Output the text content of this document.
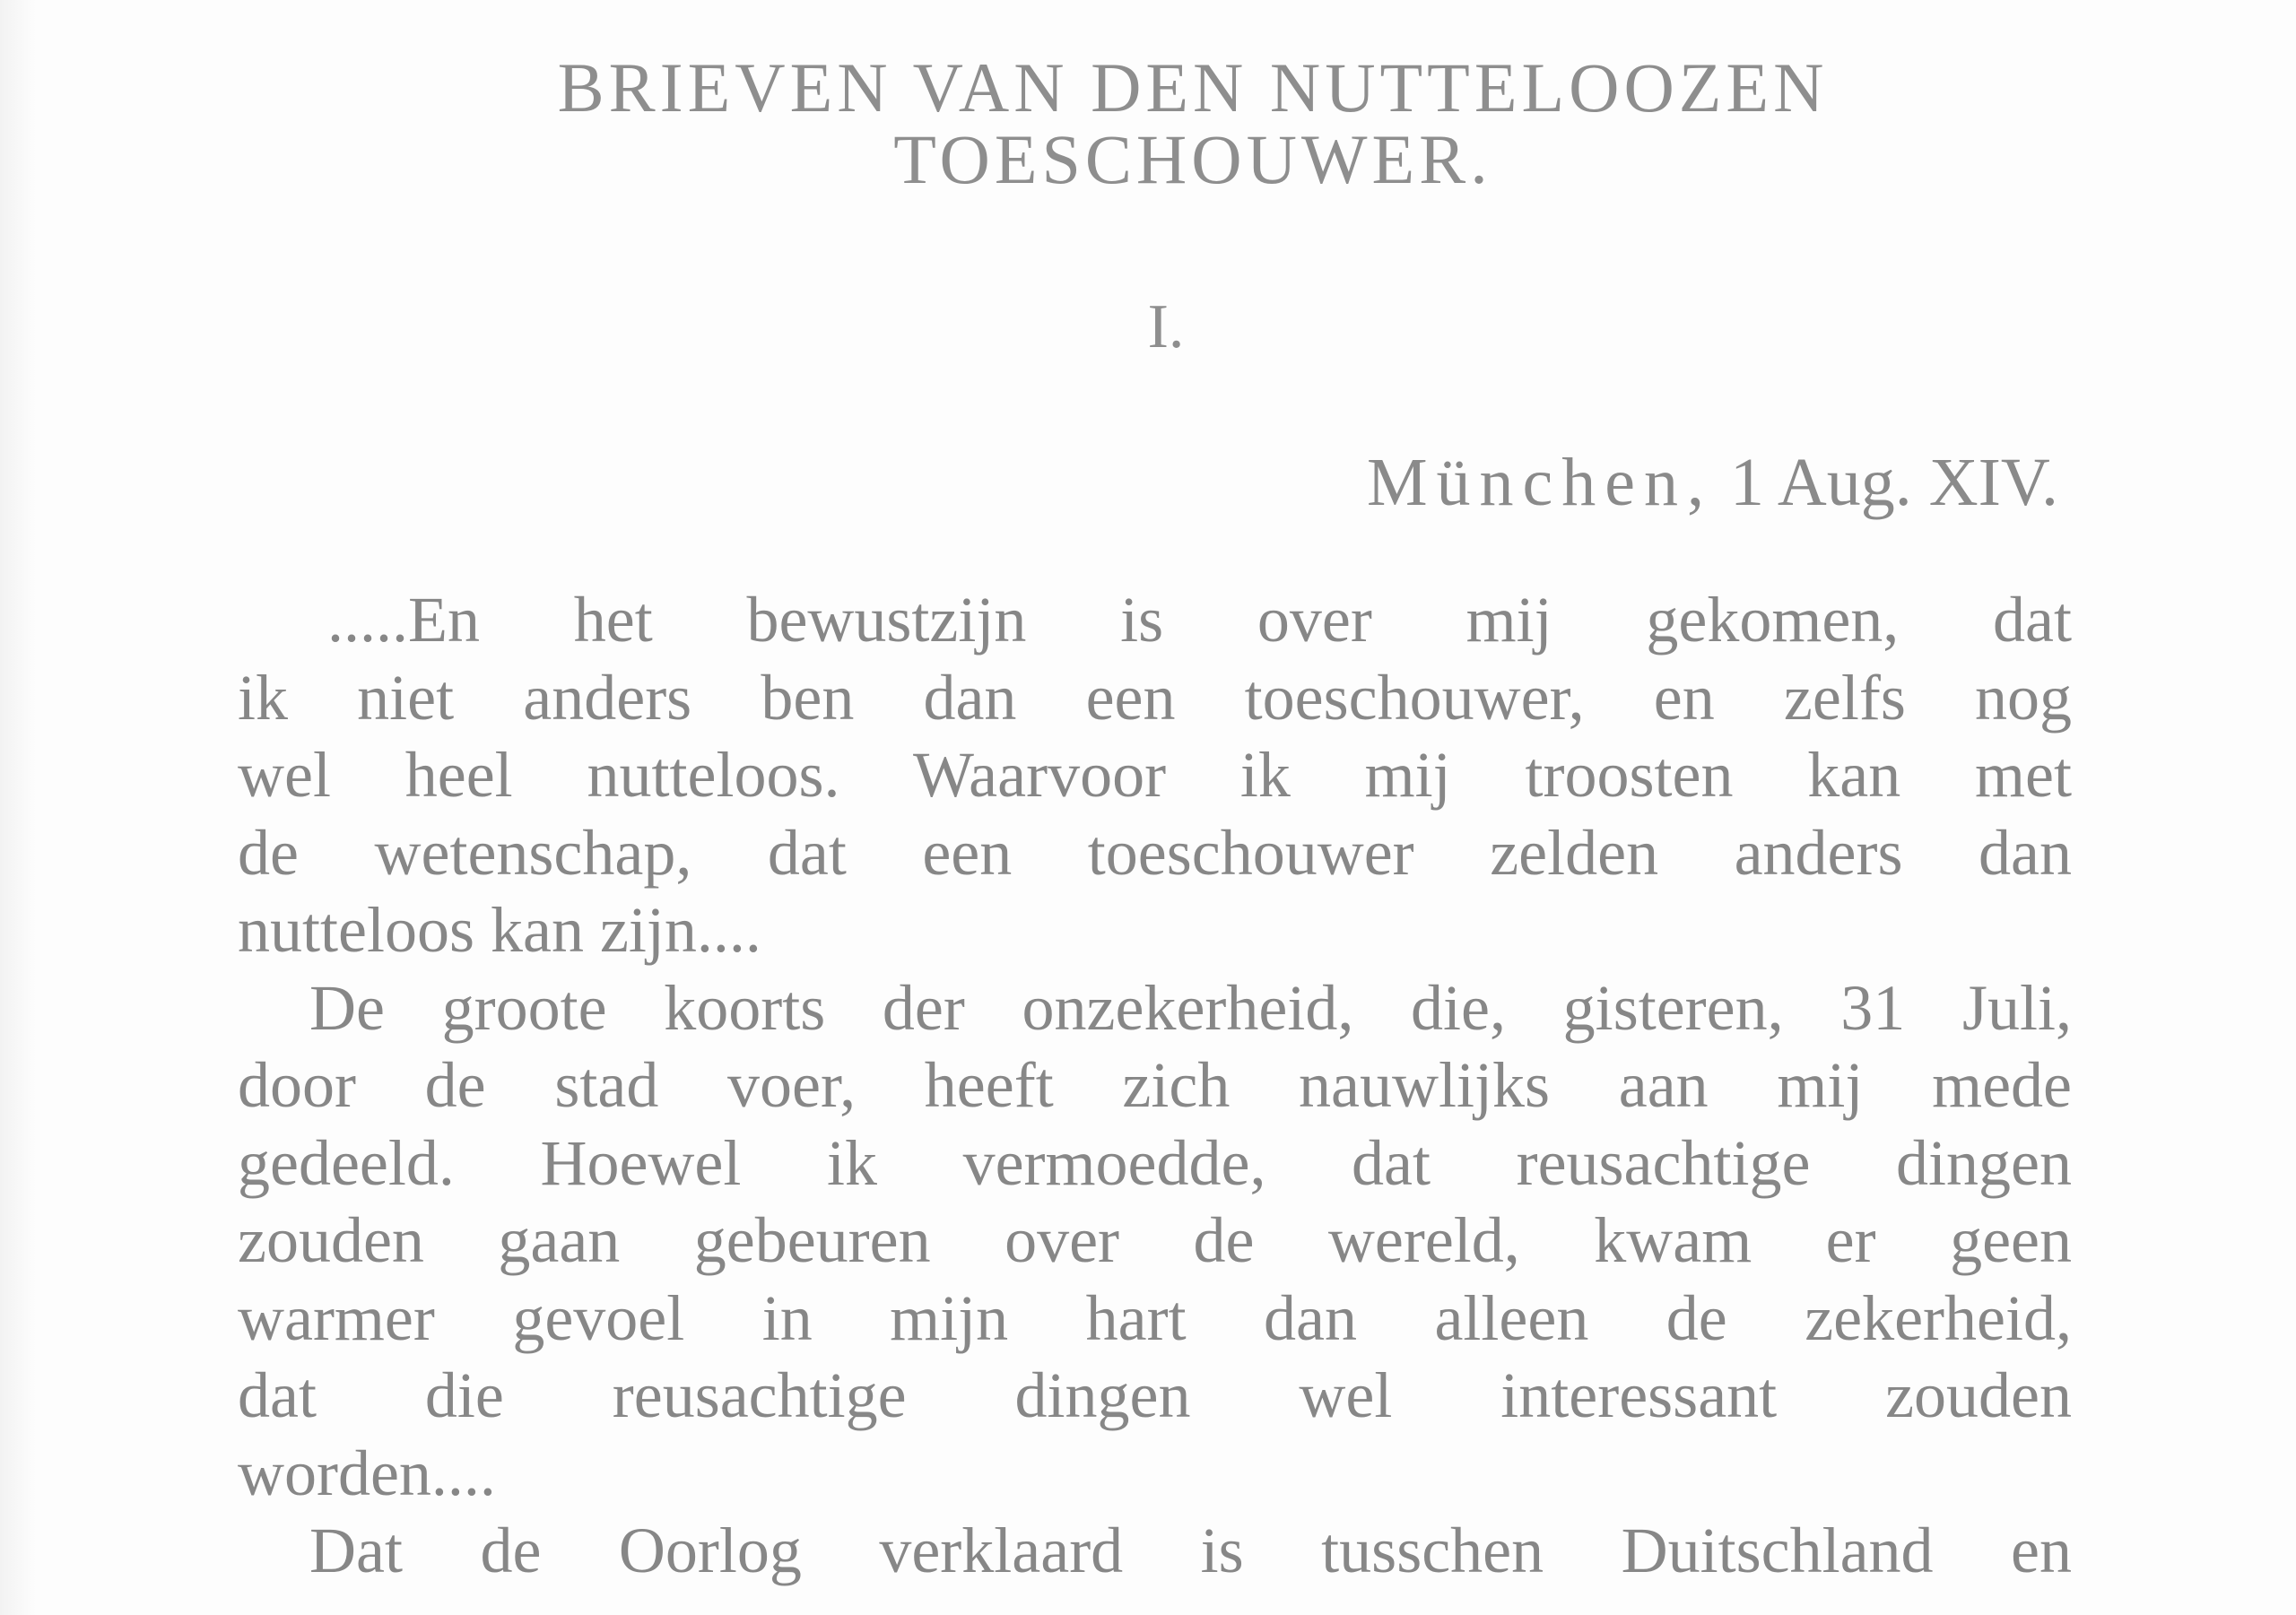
BRIEVEN VAN DEN NUTTELOOZEN
TOESCHOUWER.
I.
München, 1 Aug. XIV.
.....En het bewustzijn is over mij gekomen, dat
ik niet anders ben dan een toeschouwer, en zelfs nog
wel heel nutteloos. Waarvoor ik mij troosten kan met
de wetenschap, dat een toeschouwer zelden anders dan
nutteloos kan zijn....
De groote koorts der onzekerheid, die, gisteren, 31 Juli,
door de stad voer, heeft zich nauwlijks aan mij mede
gedeeld. Hoewel ik vermoedde, dat reusachtige dingen
zouden gaan gebeuren over de wereld, kwam er geen
warmer gevoel in mijn hart dan alleen de zekerheid,
dat die reusachtige dingen wel interessant zouden
worden....
Dat de Oorlog verklaard is tusschen Duitschland en
